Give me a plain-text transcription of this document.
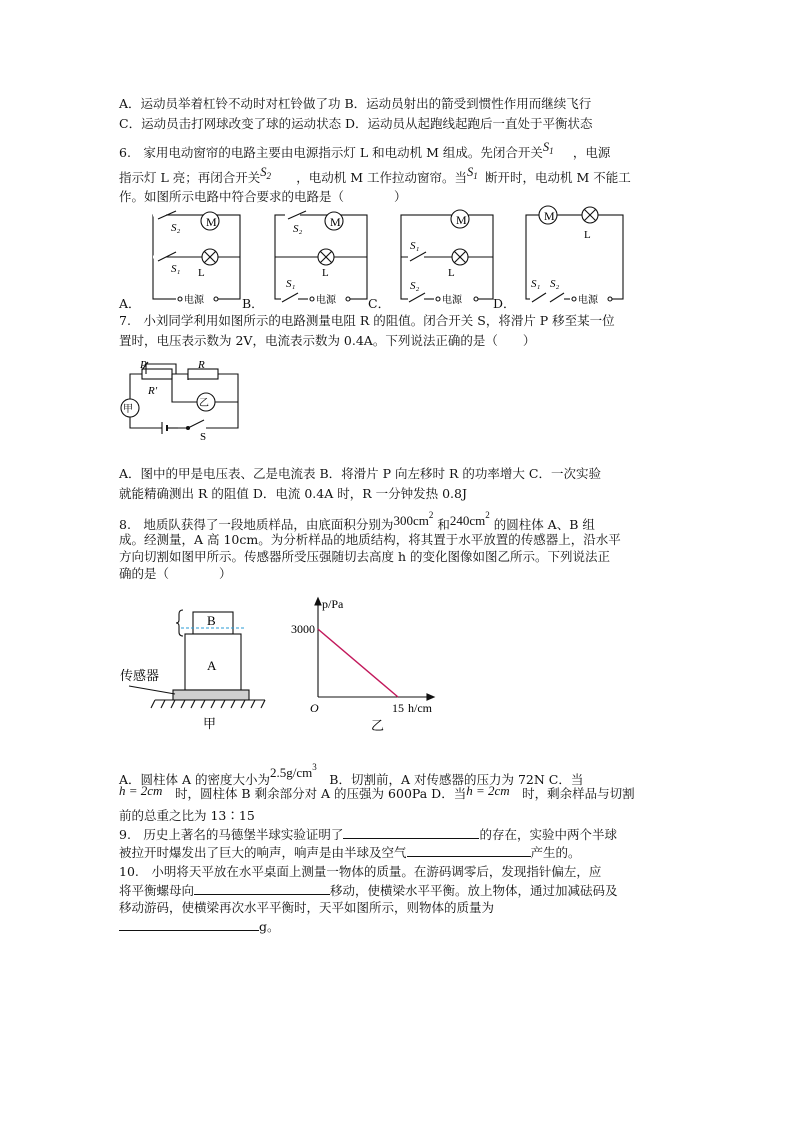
A．运动员举着杠铃不动时对杠铃做了功 B．运动员射出的箭受到惯性作用而继续飞行
C．运动员击打网球改变了球的运动状态 D．运动员从起跑线起跑后一直处于平衡状态
6.　家用电动窗帘的电路主要由电源指示灯 L 和电动机 M 组成。先闭合开关$S_1$ ，电源
指示灯 L 亮；再闭合开关$S_2$ ，电动机 M 工作拉动窗帘。当$S_1$ 断开时，电动机 M 不能工
作。如图所示电路中符合要求的电路是（　　　　）
M
S₂
S₁ L
电源
M
S₂
S₁
L
电源
M
S₁
S₂
L
电源
M
L
S₁ S₂
电源
A．	B．	C．	D．
7.　小刘同学利用如图所示的电路测量电阻 R 的阻值。闭合开关 S，将滑片 P 移至某一位
置时，电压表示数为 2V，电流表示数为 0.4A。下列说法正确的是（　　）
P	R
R′
甲
乙
S
A．图中的甲是电压表、乙是电流表 B．将滑片 P 向左移时 R 的功率增大 C．一次实验
就能精确测出 R 的阻值 D．电流 0.4A 时，R 一分钟发热 0.8J
8.　地质队获得了一段地质样品，由底面积分别为$300cm^2$ 和$240cm^2$ 的圆柱体 A、B 组
成。经测量，A 高 10cm。为分析样品的地质结构，将其置于水平放置的传感器上，沿水平
方向切割如图甲所示。传感器所受压强随切去高度 h 的变化图像如图乙所示。下列说法正
确的是（　　　　）
B
A
传感器
甲
p/Pa
3000
O	15 h/cm
乙
A．圆柱体 A 的密度大小为$2.5g/cm^3$　B．切割前，A 对传感器的压力为 72N C．当
h = 2cm　 时，圆柱体 B 剩余部分对 A 的压强为 600Pa D．当h = 2cm　 时，剩余样品与切割
前的总重之比为 13∶15
9.　历史上著名的马德堡半球实验证明了	的存在，实验中两个半球
被拉开时爆发出了巨大的响声，响声是由半球及空气	产生的。
10.　小明将天平放在水平桌面上测量一物体的质量。在游码调零后，发现指针偏左，应
将平衡螺母向	移动，使横梁水平平衡。放上物体，通过加减砝码及
移动游码，使横梁再次水平平衡时，天平如图所示，则物体的质量为
g。
